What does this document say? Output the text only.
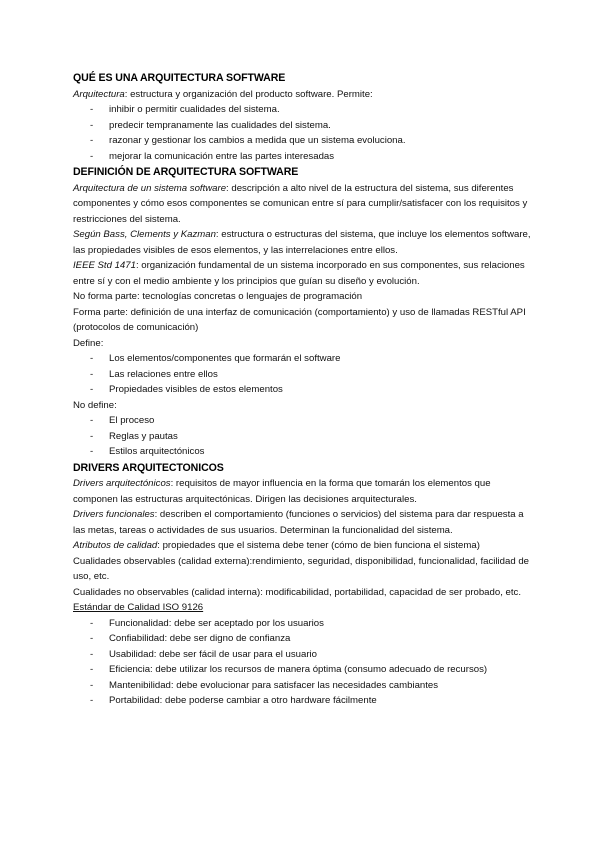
QUÉ ES UNA ARQUITECTURA SOFTWARE

Arquitectura: estructura y organización del producto software. Permite:

- inhibir o permitir cualidades del sistema.
- predecir tempranamente las cualidades del sistema.
- razonar y gestionar los cambios a medida que un sistema evoluciona.
- mejorar la comunicación entre las partes interesadas
DEFINICIÓN DE ARQUITECTURA SOFTWARE

Arquitectura de un sistema software: descripción a alto nivel de la estructura del sistema, sus diferentes componentes y cómo esos componentes se comunican entre sí para cumplir/satisfacer con los requisitos y restricciones del sistema.

Según Bass, Clements y Kazman: estructura o estructuras del sistema, que incluye los elementos software, las propiedades visibles de esos elementos, y las interrelaciones entre ellos.

IEEE Std 1471: organización fundamental de un sistema incorporado en sus componentes, sus relaciones entre sí y con el medio ambiente y los principios que guían su diseño y evolución.

No forma parte: tecnologías concretas o lenguajes de programación

Forma parte: definición de una interfaz de comunicación (comportamiento) y uso de llamadas RESTful API (protocolos de comunicación)

Define:

- Los elementos/componentes que formarán el software
- Las relaciones entre ellos
- Propiedades visibles de estos elementos

No define:

- El proceso
- Reglas y pautas
- Estilos arquitectónicos
DRIVERS ARQUITECTONICOS

Drivers arquitectónicos: requisitos de mayor influencia en la forma que tomarán los elementos que componen las estructuras arquitectónicas. Dirigen las decisiones arquitecturales.

Drivers funcionales: describen el comportamiento (funciones o servicios) del sistema para dar respuesta a las metas, tareas o actividades de sus usuarios. Determinan la funcionalidad del sistema.

Atributos de calidad: propiedades que el sistema debe tener (cómo de bien funciona el sistema)

Cualidades observables (calidad externa):rendimiento, seguridad, disponibilidad, funcionalidad, facilidad de uso, etc.

Cualidades no observables (calidad interna): modificabilidad, portabilidad, capacidad de ser probado, etc.

Estándar de Calidad ISO 9126

- Funcionalidad: debe ser aceptado por los usuarios
- Confiabilidad: debe ser digno de confianza
- Usabilidad: debe ser fácil de usar para el usuario
- Eficiencia: debe utilizar los recursos de manera óptima (consumo adecuado de recursos)
- Mantenibilidad: debe evolucionar para satisfacer las necesidades cambiantes
- Portabilidad: debe poderse cambiar a otro hardware fácilmente
